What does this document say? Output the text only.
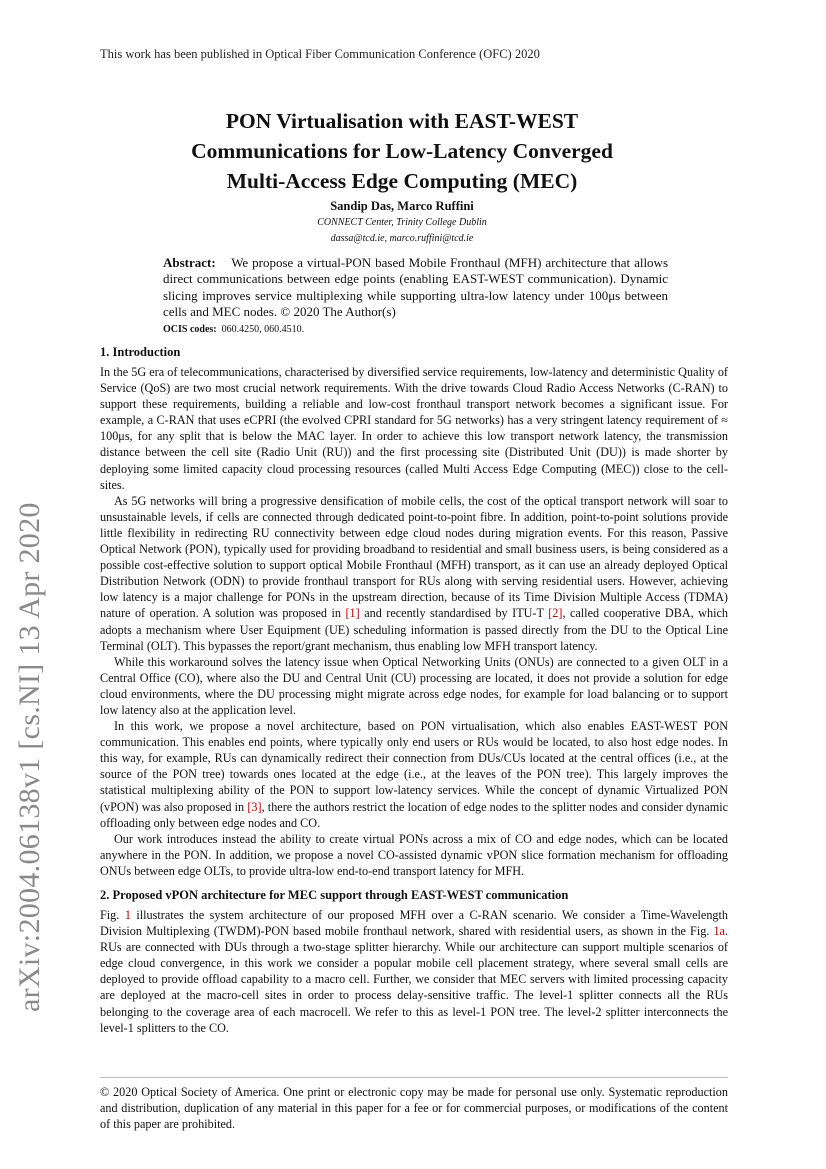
This work has been published in Optical Fiber Communication Conference (OFC) 2020
arXiv:2004.06138v1 [cs.NI] 13 Apr 2020
PON Virtualisation with EAST-WEST
Communications for Low-Latency Converged
Multi-Access Edge Computing (MEC)
Sandip Das, Marco Ruffini
CONNECT Center, Trinity College Dublin
dassa@tcd.ie, marco.ruffini@tcd.ie

Abstract: We propose a virtual-PON based Mobile Fronthaul (MFH) architecture that allows direct communications between edge points (enabling EAST-WEST communication). Dynamic slicing improves service multiplexing while supporting ultra-low latency under 100μs between cells and MEC nodes. © 2020 The Author(s)

OCIS codes: 060.4250, 060.4510.
1. Introduction

In the 5G era of telecommunications, characterised by diversified service requirements, low-latency and deterministic Quality of Service (QoS) are two most crucial network requirements. With the drive towards Cloud Radio Access Networks (C-RAN) to support these requirements, building a reliable and low-cost fronthaul transport network becomes a significant issue. For example, a C-RAN that uses eCPRI (the evolved CPRI standard for 5G networks) has a very stringent latency requirement of ≈ 100μs, for any split that is below the MAC layer. In order to achieve this low transport network latency, the transmission distance between the cell site (Radio Unit (RU)) and the first processing site (Distributed Unit (DU)) is made shorter by deploying some limited capacity cloud processing resources (called Multi Access Edge Computing (MEC)) close to the cell-sites.

As 5G networks will bring a progressive densification of mobile cells, the cost of the optical transport network will soar to unsustainable levels, if cells are connected through dedicated point-to-point fibre. In addition, point-to-point solutions provide little flexibility in redirecting RU connectivity between edge cloud nodes during migration events. For this reason, Passive Optical Network (PON), typically used for providing broadband to residential and small business users, is being considered as a possible cost-effective solution to support optical Mobile Fronthaul (MFH) transport, as it can use an already deployed Optical Distribution Network (ODN) to provide fronthaul transport for RUs along with serving residential users. However, achieving low latency is a major challenge for PONs in the upstream direction, because of its Time Division Multiple Access (TDMA) nature of operation. A solution was proposed in [1] and recently standardised by ITU-T [2], called cooperative DBA, which adopts a mechanism where User Equipment (UE) scheduling information is passed directly from the DU to the Optical Line Terminal (OLT). This bypasses the report/grant mechanism, thus enabling low MFH transport latency.

While this workaround solves the latency issue when Optical Networking Units (ONUs) are connected to a given OLT in a Central Office (CO), where also the DU and Central Unit (CU) processing are located, it does not provide a solution for edge cloud environments, where the DU processing might migrate across edge nodes, for example for load balancing or to support low latency also at the application level.

In this work, we propose a novel architecture, based on PON virtualisation, which also enables EAST-WEST PON communication. This enables end points, where typically only end users or RUs would be located, to also host edge nodes. In this way, for example, RUs can dynamically redirect their connection from DUs/CUs located at the central offices (i.e., at the source of the PON tree) towards ones located at the edge (i.e., at the leaves of the PON tree). This largely improves the statistical multiplexing ability of the PON to support low-latency services. While the concept of dynamic Virtualized PON (vPON) was also proposed in [3], there the authors restrict the location of edge nodes to the splitter nodes and consider dynamic offloading only between edge nodes and CO.

Our work introduces instead the ability to create virtual PONs across a mix of CO and edge nodes, which can be located anywhere in the PON. In addition, we propose a novel CO-assisted dynamic vPON slice formation mechanism for offloading ONUs between edge OLTs, to provide ultra-low end-to-end transport latency for MFH.

2. Proposed vPON architecture for MEC support through EAST-WEST communication

Fig. 1 illustrates the system architecture of our proposed MFH over a C-RAN scenario. We consider a Time-Wavelength Division Multiplexing (TWDM)-PON based mobile fronthaul network, shared with residential users, as shown in the Fig. 1a. RUs are connected with DUs through a two-stage splitter hierarchy. While our architecture can support multiple scenarios of edge cloud convergence, in this work we consider a popular mobile cell placement strategy, where several small cells are deployed to provide offload capability to a macro cell. Further, we consider that MEC servers with limited processing capacity are deployed at the macro-cell sites in order to process delay-sensitive traffic. The level-1 splitter connects all the RUs belonging to the coverage area of each macrocell. We refer to this as level-1 PON tree. The level-2 splitter interconnects the level-1 splitters to the CO.

© 2020 Optical Society of America. One print or electronic copy may be made for personal use only. Systematic reproduction and distribution, duplication of any material in this paper for a fee or for commercial purposes, or modifications of the content of this paper are prohibited.
